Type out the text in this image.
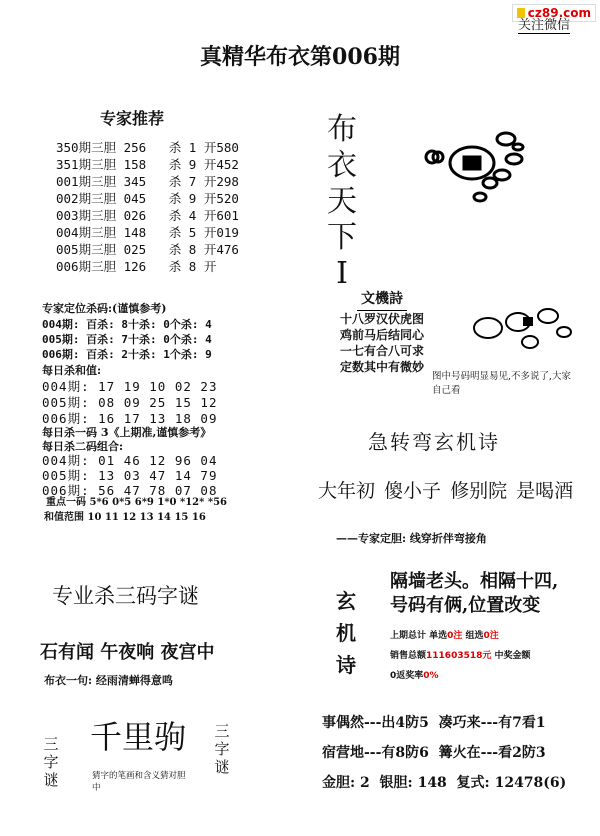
cz89.com
关注微信
真精华布衣第006期
专家推荐
350期三胆 256   杀 1 开580
351期三胆 158   杀 9 开452
001期三胆 345   杀 7 开298
002期三胆 045   杀 9 开520
003期三胆 026   杀 4 开601
004期三胆 148   杀 5 开019
005期三胆 025   杀 8 开476
006期三胆 126   杀 8 开
专家定位杀码:(谨慎参考)
004期: 百杀: 8十杀: 0个杀: 4
005期: 百杀: 7十杀: 0个杀: 4
006期: 百杀: 2十杀: 1个杀: 9
每日杀和值:
004期: 17 19 10 02 23
005期: 08 09 25 15 12
006期: 16 17 13 18 09
每日杀一码 3《上期准,谨慎参考》
每日杀二码组合:
004期: 01 46 12 96 04
005期: 13 03 47 14 79
006期: 56 47 78 07 08
重点一码 5*6 0*5 6*9 1*0 *12* *56
和值范围 10 11 12 13 14 15 16
专业杀三码字谜
石有闻 午夜响 夜宫中
布衣一句: 经雨清蝉得意鸣
三字谜
千里驹
猜字的笔画和含义猜对胆中
三字谜
布衣天下I
文機詩
十八罗汉伏虎图
鸡前马后结同心
一七有合八可求
定数其中有微妙
图中号码明显易见,不多说了,大家自己看
急转弯玄机诗
大年初 傻小子 修别院 是喝酒
——专家定胆: 线穿折伴弯接角
玄机诗
隔墙老头。相隔十四,
号码有俩,位置改变
上期总计 单选0注 组选0注
销售总额111603518元 中奖金额
0返奖率0%
事偶然---出4防5  凑巧来---有7看1
宿营地---有8防6  篝火在---看2防3
金胆: 2  银胆: 148  复式: 12478(6)
